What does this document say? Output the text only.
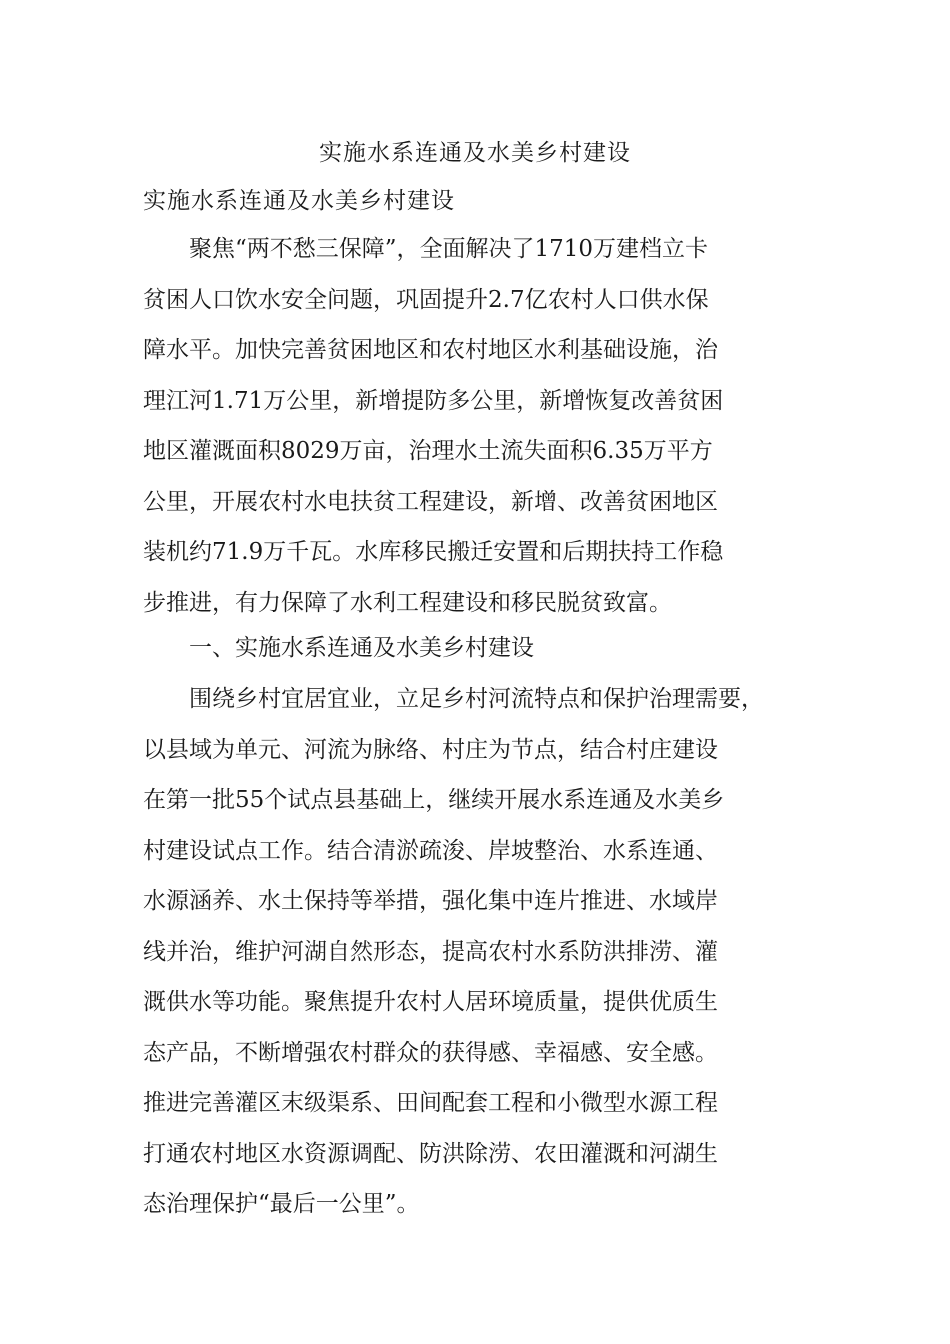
实施水系连通及水美乡村建设
实施水系连通及水美乡村建设
聚焦“两不愁三保障”，全面解决了1710万建档立卡
贫困人口饮水安全问题，巩固提升2.7亿农村人口供水保
障水平。加快完善贫困地区和农村地区水利基础设施，治
理江河1.71万公里，新增提防多公里，新增恢复改善贫困
地区灌溉面积8029万亩，治理水土流失面积6.35万平方
公里，开展农村水电扶贫工程建设，新增、改善贫困地区
装机约71.9万千瓦。水库移民搬迁安置和后期扶持工作稳
步推进，有力保障了水利工程建设和移民脱贫致富。
一、实施水系连通及水美乡村建设
围绕乡村宜居宜业，立足乡村河流特点和保护治理需要，
以县域为单元、河流为脉络、村庄为节点，结合村庄建设
在第一批55个试点县基础上，继续开展水系连通及水美乡
村建设试点工作。结合清淤疏浚、岸坡整治、水系连通、
水源涵养、水土保持等举措，强化集中连片推进、水域岸
线并治，维护河湖自然形态，提高农村水系防洪排涝、灌
溉供水等功能。聚焦提升农村人居环境质量，提供优质生
态产品，不断增强农村群众的获得感、幸福感、安全感。
推进完善灌区末级渠系、田间配套工程和小微型水源工程
打通农村地区水资源调配、防洪除涝、农田灌溉和河湖生
态治理保护“最后一公里”。
